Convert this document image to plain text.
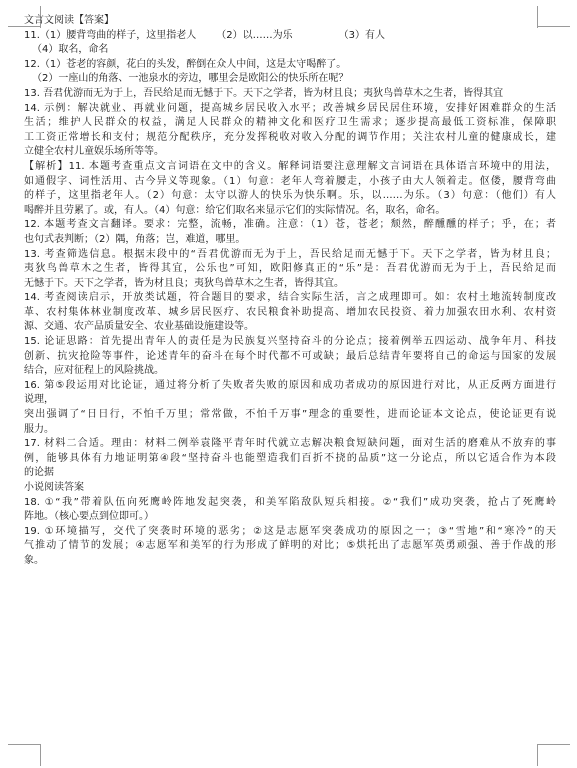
文言文阅读【答案】
11.（1）腰背弯曲的样子，这里指老人 （2）以……为乐	（3）有人
（4）取名，命名
12.（1）苍老的容颜，花白的头发，醉倒在众人中间，这是太守喝醉了。
（2）一座山的角落、一池泉水的旁边，哪里会是欧阳公的快乐所在呢？
13. 吾君优游而无为于上，吾民给足而无憾于下。天下之学者，皆为材且良；夷狄鸟兽草木之生者，皆得其宜
14. 示例：解决就业、再就业问题，提高城乡居民收入水平；改善城乡居民居住环境，安排好困难群众的生活
生活；维护人民群众的权益，满足人民群众的精神文化和医疗卫生需求；逐步提高最低工资标准，保障职
工工资正常增长和支付；规范分配秩序，充分发挥税收对收入分配的调节作用；关注农村儿童的健康成长，建
立健全农村儿童娱乐场所等等。
【解析】11. 本题考查重点文言词语在文中的含义。解释词语要注意理解文言词语在具体语言环境中的用法，
如通假字、词性活用、古今异义等现象。（1）句意：老年人弯着腰走，小孩子由大人领着走。伛偻，腰背弯曲
的样子，这里指老年人。（2）句意：太守以游人的快乐为快乐啊。乐，以……为乐。（3）句意：（他们）有人
喝醉并且劳累了。或，有人。（4）句意：给它们取名来显示它们的实际情况。名，取名，命名。
12. 本题考查文言翻译。要求：完整，流畅，准确。注意：（1）苍，苍老；颓然，醉醺醺的样子；乎，在；者
也句式表判断；（2）隅，角落；岂，难道，哪里。
13. 考查筛选信息。根据末段中的“吾君优游而无为于上，吾民给足而无憾于下。天下之学者，皆为材且良；
夷狄鸟兽草木之生者，皆得其宜，公乐也”可知，欧阳修真正的“乐”是：吾君优游而无为于上，吾民给足而
无憾于下。天下之学者，皆为材且良；夷狄鸟兽草木之生者，皆得其宜。
14. 考查阅读启示，开放类试题，符合题目的要求，结合实际生活，言之成理即可。如：农村土地流转制度改
革、农村集体林业制度改革、城乡居民医疗、农民粮食补助提高、增加农民投资、着力加强农田水利、农村资
源、交通、农产品质量安全、农业基础设施建设等。
15. 论证思路：首先提出青年人的责任是为民族复兴坚持奋斗的分论点；接着例举五四运动、战争年月、科技
创新、抗灾抢险等事件，论述青年的奋斗在每个时代都不可或缺；最后总结青年要将自己的命运与国家的发展
结合，应对征程上的风险挑战。
16. 第⑤段运用对比论证，通过将分析了失败者失败的原因和成功者成功的原因进行对比，从正反两方面进行
说理，
突出强调了“日日行，不怕千万里；常常做，不怕千万事”理念的重要性，进而论证本文论点，使论证更有说
服力。
17. 材料二合适。理由：材料二例举袁隆平青年时代就立志解决粮食短缺问题，面对生活的磨难从不放弃的事
例，能够具体有力地证明第④段“坚持奋斗也能塑造我们百折不挠的品质”这一分论点，所以它适合作为本段
的论据
小说阅读答案
18. ①“我”带着队伍向死鹰岭阵地发起突袭，和美军陷敌队短兵相接。②“我们”成功突袭，抢占了死鹰岭
阵地。（核心要点到位即可。）
19. ①环境描写，交代了突袭时环境的恶劣；②这是志愿军突袭成功的原因之一；③“雪地”和“寒冷”的天
气推动了情节的发展；④志愿军和美军的行为形成了鲜明的对比；⑤烘托出了志愿军英勇顽强、善于作战的形
象。
